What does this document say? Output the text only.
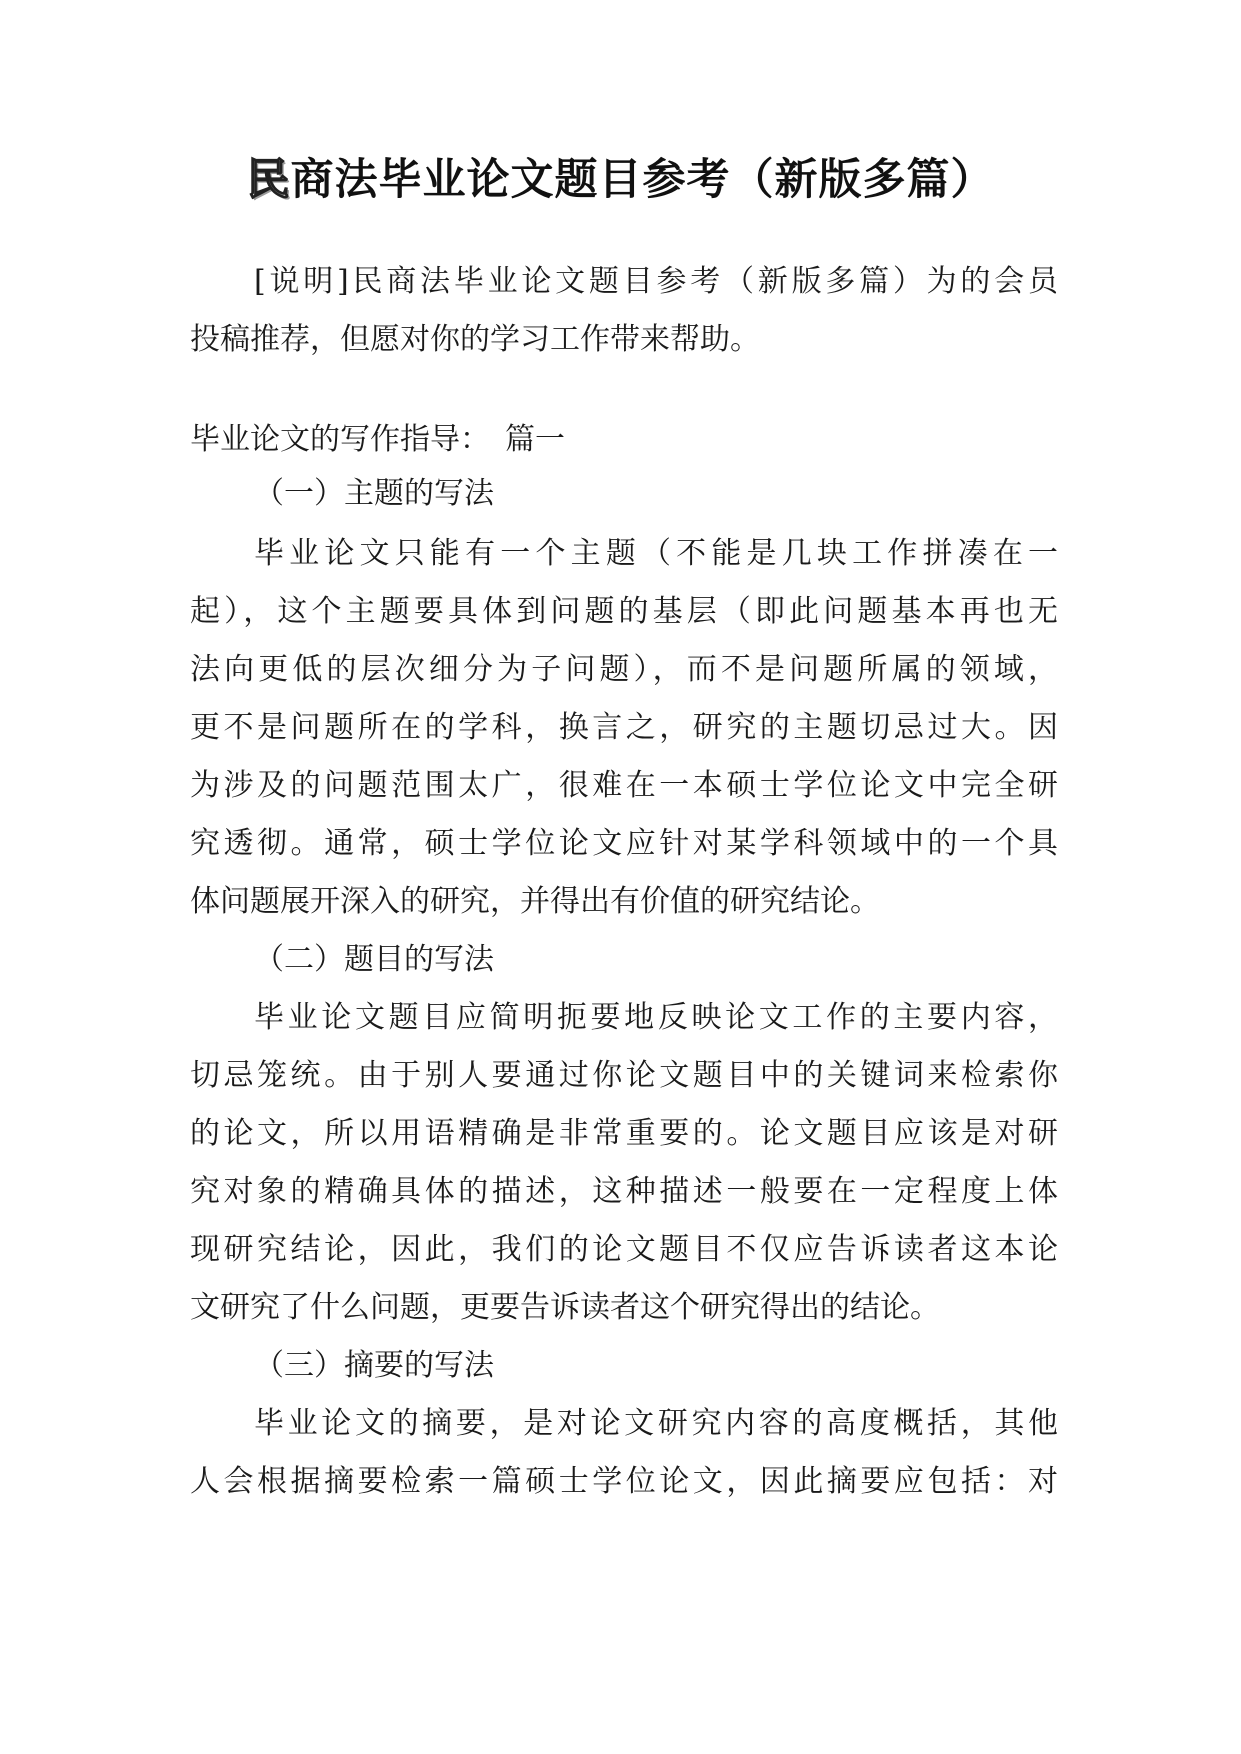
民商法毕业论文题目参考（新版多篇）

[说明]民商法毕业论文题目参考（新版多篇）为的会员

投稿推荐，但愿对你的学习工作带来帮助。

毕业论文的写作指导：　篇一

（一）主题的写法

毕业论文只能有一个主题（不能是几块工作拼凑在一

起），这个主题要具体到问题的基层（即此问题基本再也无

法向更低的层次细分为子问题），而不是问题所属的领域，

更不是问题所在的学科，换言之，研究的主题切忌过大。因

为涉及的问题范围太广，很难在一本硕士学位论文中完全研

究透彻。通常，硕士学位论文应针对某学科领域中的一个具

体问题展开深入的研究，并得出有价值的研究结论。

（二）题目的写法

毕业论文题目应简明扼要地反映论文工作的主要内容，

切忌笼统。由于别人要通过你论文题目中的关键词来检索你

的论文，所以用语精确是非常重要的。论文题目应该是对研

究对象的精确具体的描述，这种描述一般要在一定程度上体

现研究结论，因此，我们的论文题目不仅应告诉读者这本论

文研究了什么问题，更要告诉读者这个研究得出的结论。

（三）摘要的写法

毕业论文的摘要，是对论文研究内容的高度概括，其他

人会根据摘要检索一篇硕士学位论文，因此摘要应包括：对
